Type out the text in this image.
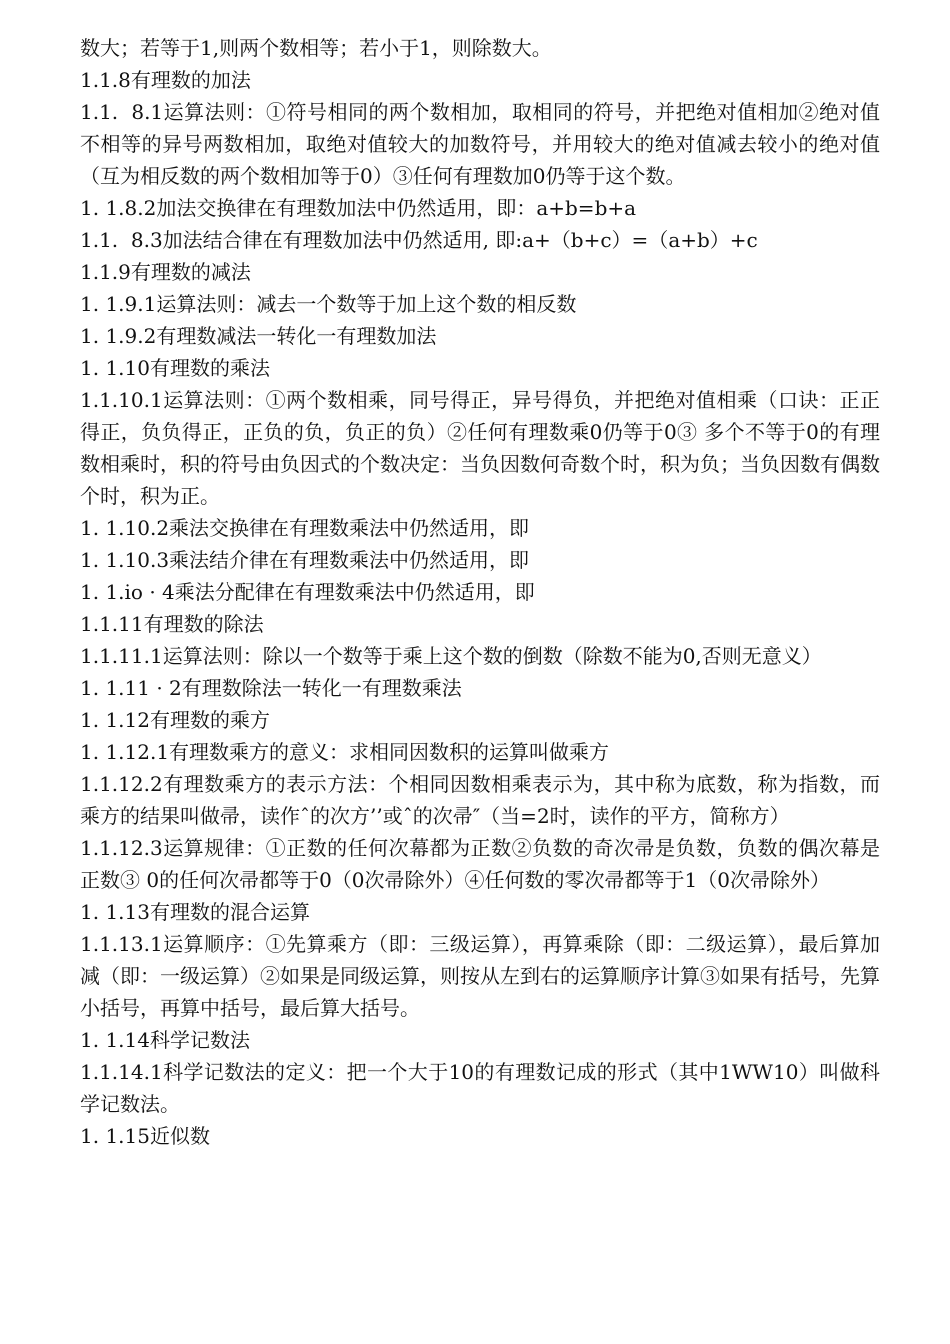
数大；若等于1,则两个数相等；若小于1，则除数大。

1.1.8有理数的加法

1.1.	8.1运算法则：①符号相同的两个数相加，取相同的符号，并把绝对值相加②绝对值不相等的异号两数相加，取绝对值较大的加数符号，并用较大的绝对值减去较小的绝对值（互为相反数的两个数相加等于0）③任何有理数加0仍等于这个数。

1. 1.8.2加法交换律在有理数加法中仍然适用，即：a+b=b+a

1.1.	8.3加法结合律在有理数加法中仍然适用, 即:a+（b+c）=（a+b）+c

1.1.9有理数的减法

1. 1.9.1运算法则：减去一个数等于加上这个数的相反数

1. 1.9.2有理数减法一转化一有理数加法

1. 1.10有理数的乘法

1.1.10.1运算法则：①两个数相乘，同号得正，异号得负，并把绝对值相乘（口诀：正正得正，负负得正，正负的负，负正的负）②任何有理数乘0仍等于0③ 多个不等于0的有理数相乘时，积的符号由负因式的个数决定：当负因数何奇数个时，积为负；当负因数有偶数个时，积为正。

1. 1.10.2乘法交换律在有理数乘法中仍然适用，即

1. 1.10.3乘法结介律在有理数乘法中仍然适用，即

1. 1.io · 4乘法分配律在有理数乘法中仍然适用，即

1.1.11有理数的除法

1.1.11.1运算法则：除以一个数等于乘上这个数的倒数（除数不能为0,否则无意义）

1. 1.11 · 2有理数除法一转化一有理数乘法

1. 1.12有理数的乘方

1. 1.12.1有理数乘方的意义：求相同因数积的运算叫做乘方

1.1.12.2有理数乘方的表示方法：个相同因数相乘表示为，其中称为底数，称为指数，而乘方的结果叫做帚，读作ˆ的次方’’或ˆ的次帚″（当=2时，读作的平方，简称方）

1.1.12.3运算规律：①正数的任何次幕都为正数②负数的奇次帚是负数，负数的偶次幕是正数③ 0的任何次帚都等于0（0次帚除外）④任何数的零次帚都等于1（0次帚除外）

1. 1.13有理数的混合运算

1.1.13.1运算顺序：①先算乘方（即：三级运算），再算乘除（即：二级运算），最后算加减（即：一级运算）②如果是同级运算，则按从左到右的运算顺序计算③如果有括号，先算小括号，再算中括号，最后算大括号。

1. 1.14科学记数法

1.1.14.1科学记数法的定义：把一个大于10的有理数记成的形式（其中1WW10）叫做科学记数法。

1. 1.15近似数
